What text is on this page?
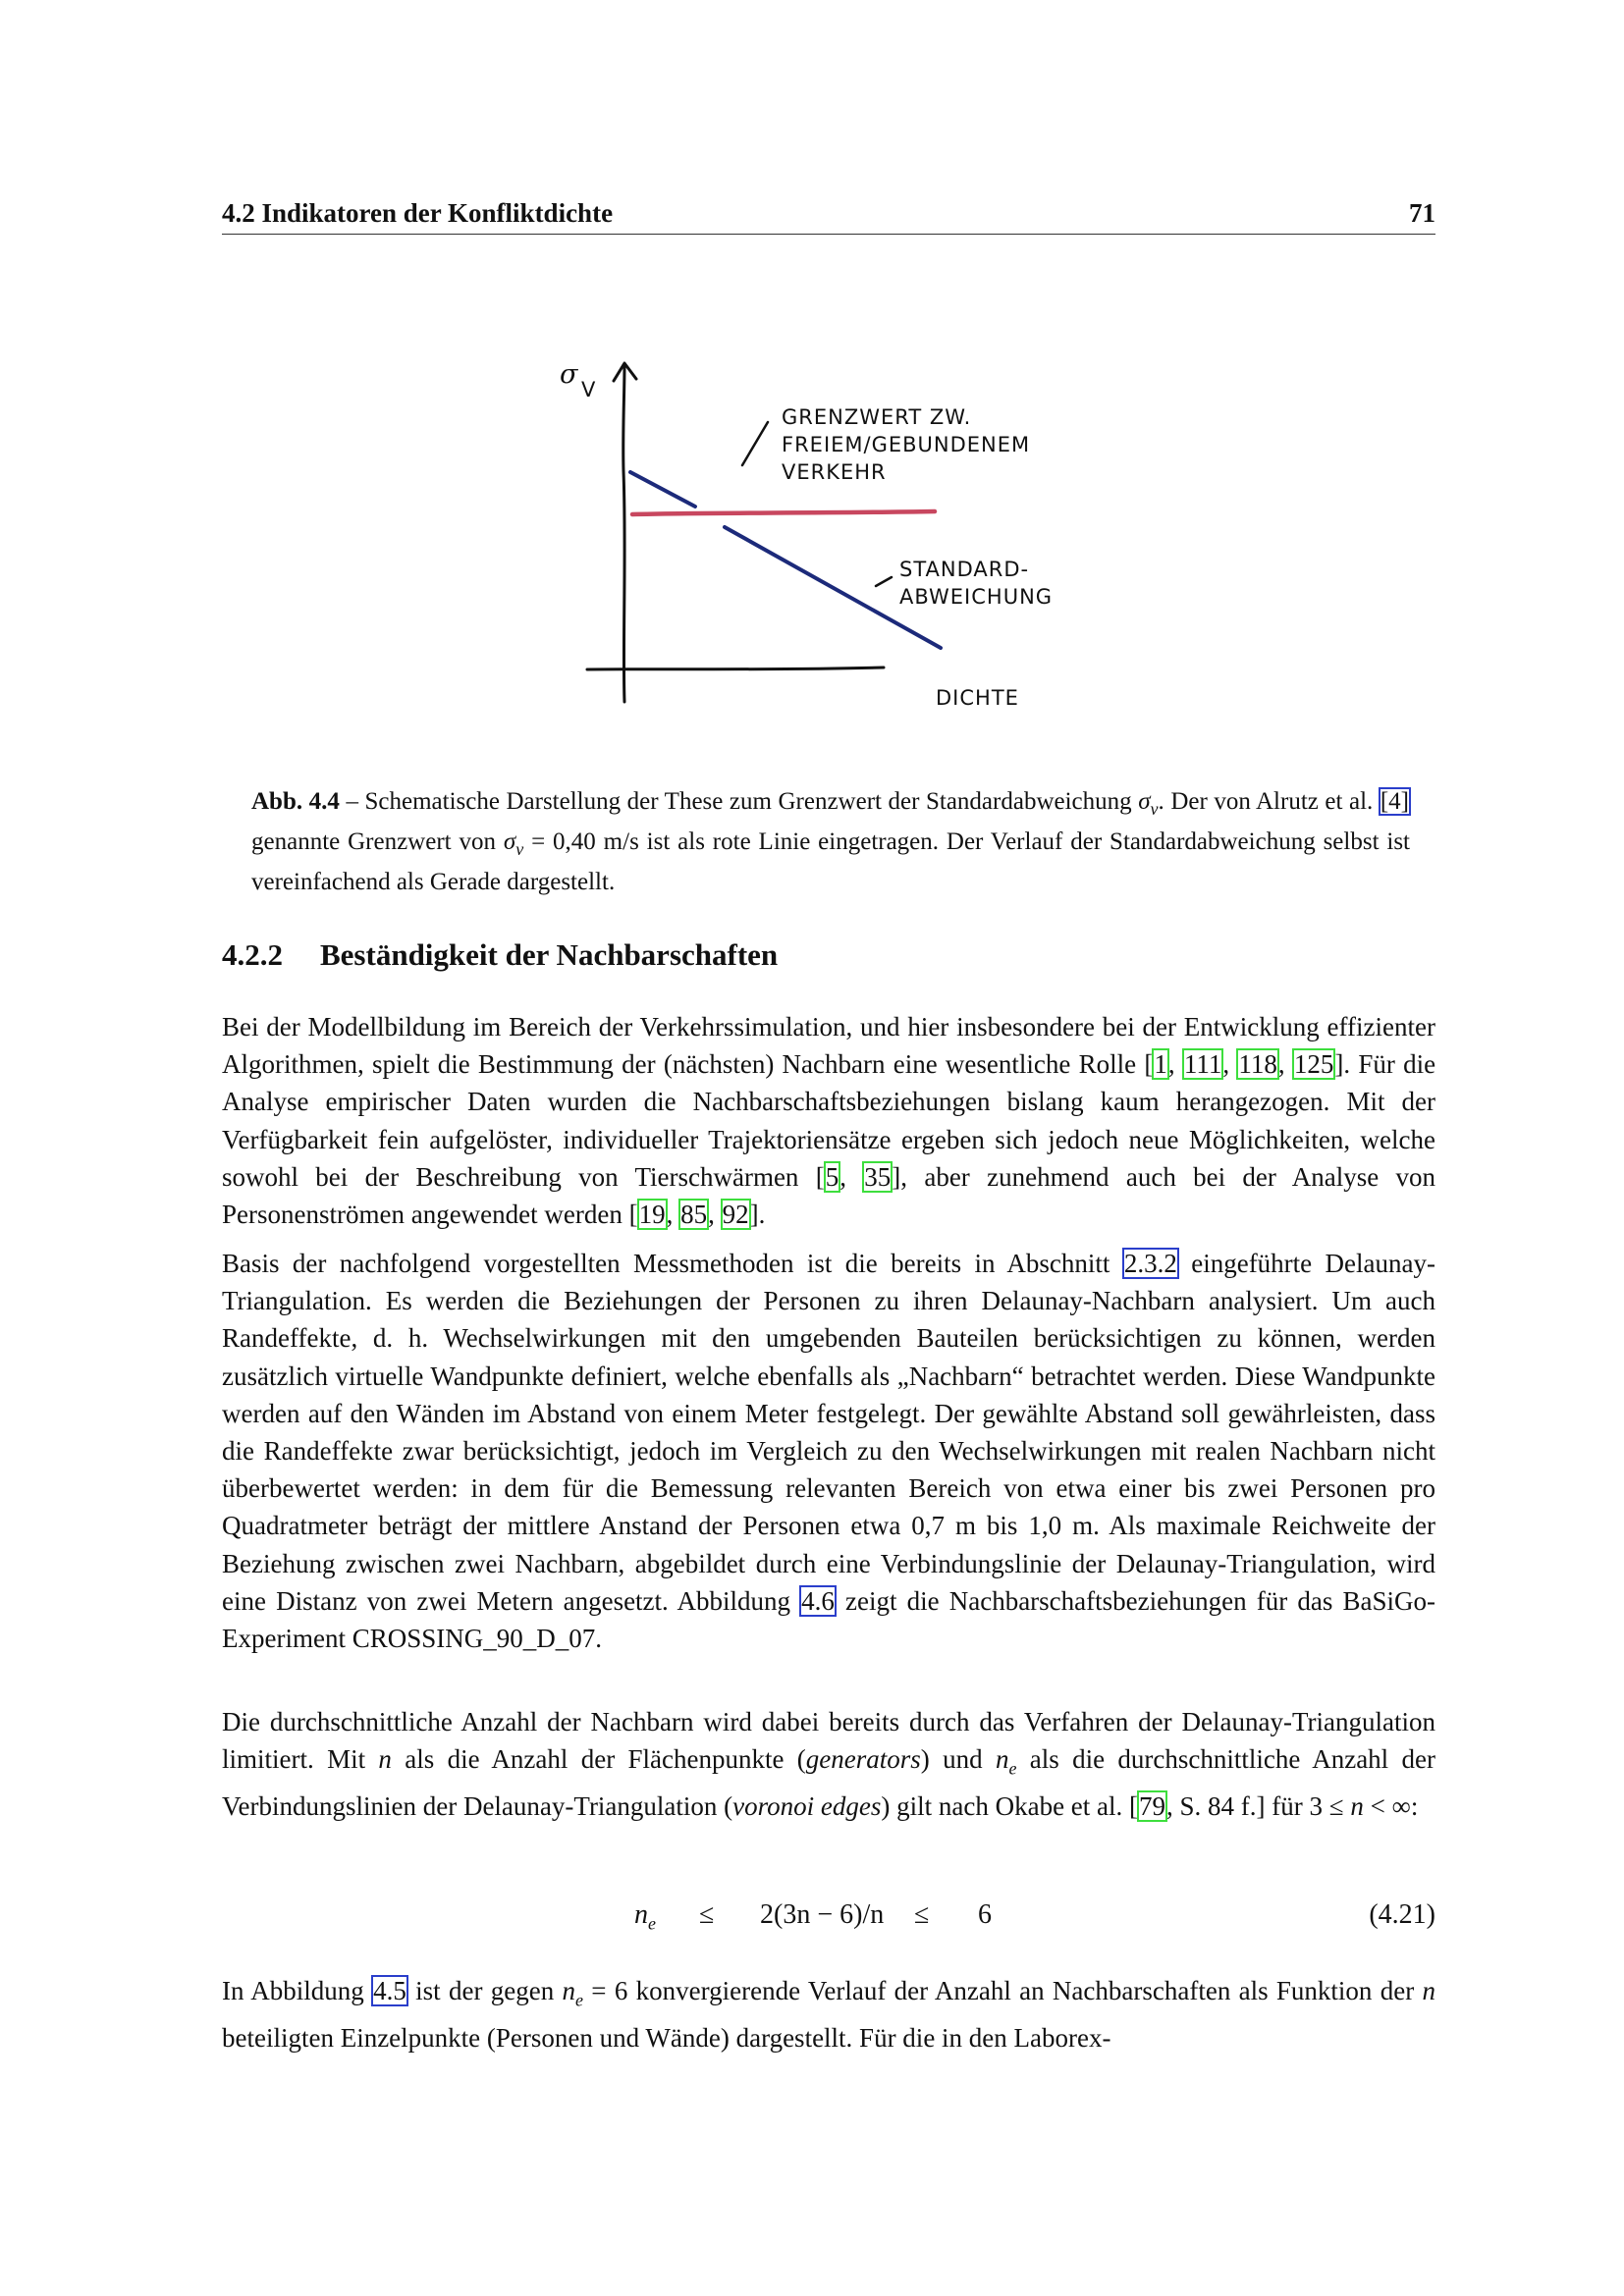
4.2 Indikatoren der Konfliktdichte	71
σ V
GRENZWERT ZW.
FREIEM/GEBUNDENEM
VERKEHR
STANDARD-
ABWEICHUNG
DICHTE
Abb. 4.4 – Schematische Darstellung der These zum Grenzwert der Standardabweichung $\sigma_v$. Der von Alrutz et al. [4] genannte Grenzwert von $\sigma_v = 0,40$ m/s ist als rote Linie eingetragen. Der Verlauf der Standardabweichung selbst ist vereinfachend als Gerade dargestellt.
4.2.2 Beständigkeit der Nachbarschaften

Bei der Modellbildung im Bereich der Verkehrssimulation, und hier insbesondere bei der Entwicklung effizienter Algorithmen, spielt die Bestimmung der (nächsten) Nachbarn eine wesentliche Rolle [1, 111, 118, 125]. Für die Analyse empirischer Daten wurden die Nachbarschaftsbeziehungen bislang kaum herangezogen. Mit der Verfügbarkeit fein aufgelöster, individueller Trajektoriensätze ergeben sich jedoch neue Möglichkeiten, welche sowohl bei der Beschreibung von Tierschwärmen [5, 35], aber zunehmend auch bei der Analyse von Personenströmen angewendet werden [19, 85, 92].

Basis der nachfolgend vorgestellten Messmethoden ist die bereits in Abschnitt 2.3.2 eingeführte Delaunay-Triangulation. Es werden die Beziehungen der Personen zu ihren Delaunay-Nachbarn analysiert. Um auch Randeffekte, d. h. Wechselwirkungen mit den umgebenden Bauteilen berücksichtigen zu können, werden zusätzlich virtuelle Wandpunkte definiert, welche ebenfalls als „Nachbarn“ betrachtet werden. Diese Wandpunkte werden auf den Wänden im Abstand von einem Meter festgelegt. Der gewählte Abstand soll gewährleisten, dass die Randeffekte zwar berücksichtigt, jedoch im Vergleich zu den Wechselwirkungen mit realen Nachbarn nicht überbewertet werden: in dem für die Bemessung relevanten Bereich von etwa einer bis zwei Personen pro Quadratmeter beträgt der mittlere Anstand der Personen etwa 0,7 m bis 1,0 m. Als maximale Reichweite der Beziehung zwischen zwei Nachbarn, abgebildet durch eine Verbindungslinie der Delaunay-Triangulation, wird eine Distanz von zwei Metern angesetzt. Abbildung 4.6 zeigt die Nachbarschaftsbeziehungen für das BaSiGo-Experiment CROSSING_90_D_07.

Die durchschnittliche Anzahl der Nachbarn wird dabei bereits durch das Verfahren der Delaunay-Triangulation limitiert. Mit n als die Anzahl der Flächenpunkte (generators) und $n_e$ als die durchschnittliche Anzahl der Verbindungslinien der Delaunay-Triangulation (voronoi edges) gilt nach Okabe et al. [79, S. 84 f.] für 3 ≤ n < ∞:

$n_e \le 2(3n - 6)/n \le 6$	(4.21)

In Abbildung 4.5 ist der gegen $n_e = 6$ konvergierende Verlauf der Anzahl an Nachbarschaften als Funktion der n beteiligten Einzelpunkte (Personen und Wände) dargestellt. Für die in den Laborex-
